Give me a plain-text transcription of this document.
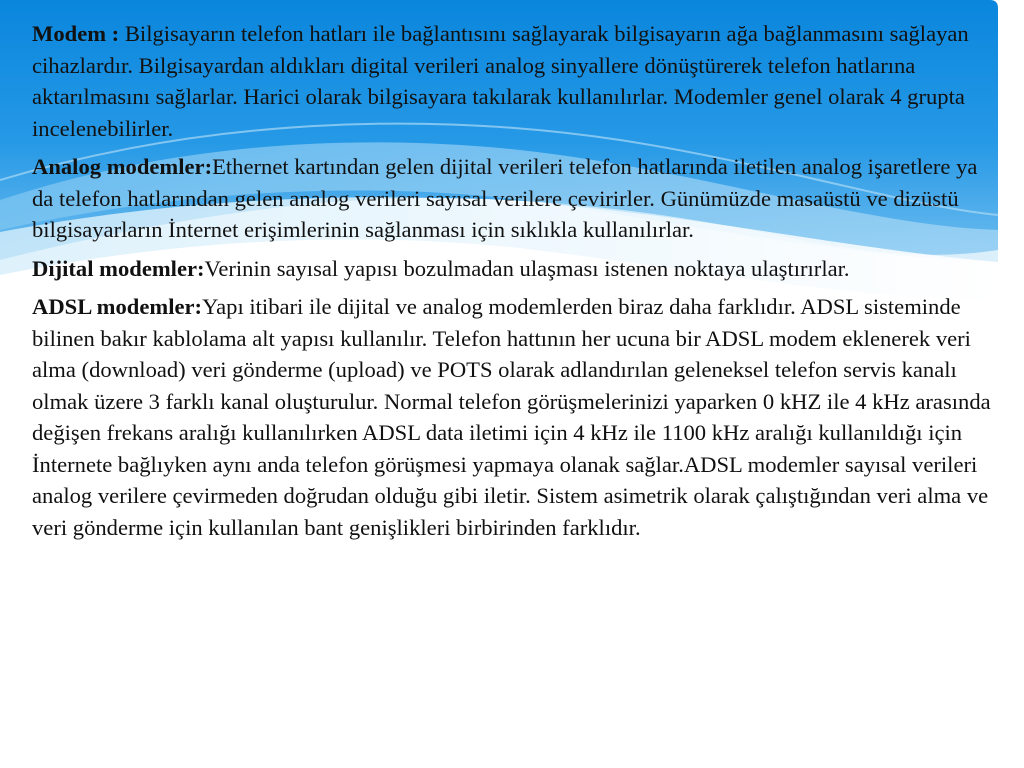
Modem : Bilgisayarın telefon hatları ile bağlantısını sağlayarak bilgisayarın ağa bağlanmasını sağlayan cihazlardır. Bilgisayardan aldıkları digital verileri analog sinyallere dönüştürerek telefon hatlarına aktarılmasını sağlarlar. Harici olarak bilgisayara takılarak kullanılırlar. Modemler genel olarak 4 grupta incelenebilirler.

Analog modemler:Ethernet kartından gelen dijital verileri telefon hatlarında iletilen analog işaretlere ya da telefon hatlarından gelen analog verileri sayısal verilere çevirirler. Günümüzde masaüstü ve dizüstü bilgisayarların İnternet erişimlerinin sağlanması için sıklıkla kullanılırlar.

Dijital modemler:Verinin sayısal yapısı bozulmadan ulaşması istenen noktaya ulaştırırlar.

ADSL modemler:Yapı itibari ile dijital ve analog modemlerden biraz daha farklıdır. ADSL sisteminde bilinen bakır kablolama alt yapısı kullanılır. Telefon hattının her ucuna bir ADSL modem eklenerek veri alma (download) veri gönderme (upload) ve POTS olarak adlandırılan geleneksel telefon servis kanalı olmak üzere 3 farklı kanal oluşturulur. Normal telefon görüşmelerinizi yaparken 0 kHZ ile 4 kHz arasında değişen frekans aralığı kullanılırken ADSL data iletimi için 4 kHz ile 1100 kHz aralığı kullanıldığı için İnternete bağlıyken aynı anda telefon görüşmesi yapmaya olanak sağlar.ADSL modemler sayısal verileri analog verilere çevirmeden doğrudan olduğu gibi iletir. Sistem asimetrik olarak çalıştığından veri alma ve veri gönderme için kullanılan bant genişlikleri birbirinden farklıdır.
